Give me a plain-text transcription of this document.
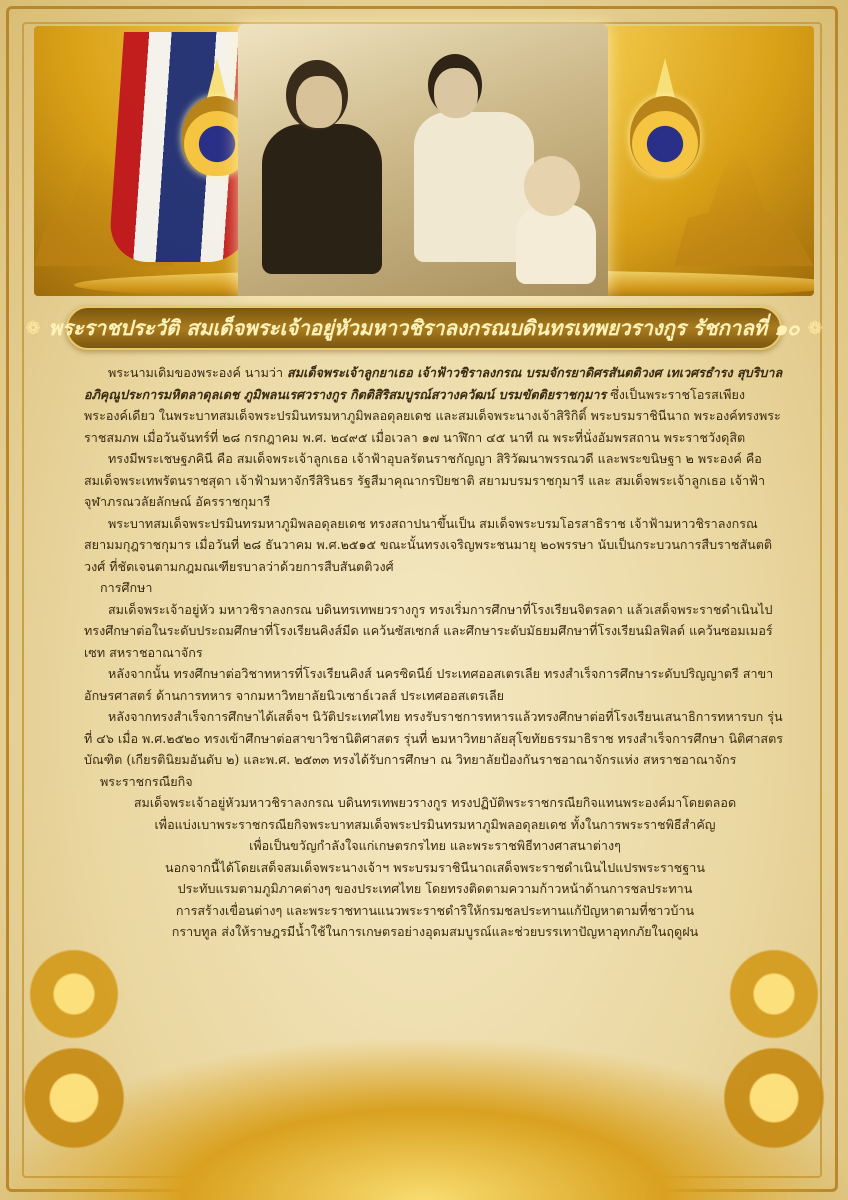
❁ พระราชประวัติ สมเด็จพระเจ้าอยู่หัวมหาวชิราลงกรณบดินทรเทพยวรางกูร รัชกาลที่ ๑๐ ❁

พระนามเดิมของพระองค์ นามว่า สมเด็จพระเจ้าลูกยาเธอ เจ้าฟ้าวชิราลงกรณ บรมจักรยาดิศรสันตติวงศ เทเวศรธำรง สุบริบาล อภิคุณูประการมหิตลาดุลเดช ภูมิพลนเรศวรางกูร กิตติสิริสมบูรณ์สวางควัฒน์ บรมขัตติยราชกุมาร ซึ่งเป็นพระราชโอรสเพียงพระองค์เดียว ในพระบาทสมเด็จพระปรมินทรมหาภูมิพลอดุลยเดช และสมเด็จพระนางเจ้าสิริกิติ์ พระบรมราชินีนาถ พระองค์ทรงพระราชสมภพ เมื่อวันจันทร์ที่ ๒๘ กรกฎาคม พ.ศ. ๒๔๙๕ เมื่อเวลา ๑๗ นาฬิกา ๔๕ นาที ณ พระที่นั่งอัมพรสถาน พระราชวังดุสิต

ทรงมีพระเชษฐภคินี คือ สมเด็จพระเจ้าลูกเธอ เจ้าฟ้าอุบลรัตนราชกัญญา สิริวัฒนาพรรณวดี และพระขนิษฐา ๒ พระองค์ คือ สมเด็จพระเทพรัตนราชสุดา เจ้าฟ้ามหาจักรีสิรินธร รัฐสีมาคุณากรปิยชาติ สยามบรมราชกุมารี และ สมเด็จพระเจ้าลูกเธอ เจ้าฟ้าจุฬาภรณวลัยลักษณ์ อัครราชกุมารี

พระบาทสมเด็จพระปรมินทรมหาภูมิพลอดุลยเดช ทรงสถาปนาขึ้นเป็น สมเด็จพระบรมโอรสาธิราช เจ้าฟ้ามหาวชิราลงกรณ สยามมกุฎราชกุมาร เมื่อวันที่ ๒๘ ธันวาคม พ.ศ.๒๕๑๕ ขณะนั้นทรงเจริญพระชนมายุ ๒๐พรรษา นับเป็นกระบวนการสืบราชสันตติวงศ์ ที่ชัดเจนตามกฎมณเฑียรบาลว่าด้วยการสืบสันตติวงศ์

การศึกษา

สมเด็จพระเจ้าอยู่หัว มหาวชิราลงกรณ บดินทรเทพยวรางกูร ทรงเริ่มการศึกษาที่โรงเรียนจิตรลดา แล้วเสด็จพระราชดำเนินไป ทรงศึกษาต่อในระดับประถมศึกษาที่โรงเรียนคิงส์มีด แคว้นซัสเซกส์ และศึกษาระดับมัธยมศึกษาที่โรงเรียนมิลฟิลด์ แคว้นซอมเมอร์เซท สหราชอาณาจักร

หลังจากนั้น ทรงศึกษาต่อวิชาทหารที่โรงเรียนคิงส์ นครซิดนีย์ ประเทศออสเตรเลีย ทรงสำเร็จการศึกษาระดับปริญญาตรี สาขาอักษรศาสตร์ ด้านการทหาร จากมหาวิทยาลัยนิวเซาธ์เวลส์ ประเทศออสเตรเลีย

หลังจากทรงสำเร็จการศึกษาได้เสด็จฯ นิวัติประเทศไทย ทรงรับราชการทหารแล้วทรงศึกษาต่อที่โรงเรียนเสนาธิการทหารบก รุ่นที่ ๔๖ เมื่อ พ.ศ.๒๕๒๐ ทรงเข้าศึกษาต่อสาขาวิชานิติศาสตร รุ่นที่ ๒มหาวิทยาลัยสุโขทัยธรรมาธิราช ทรงสำเร็จการศึกษา นิติศาสตรบัณฑิต (เกียรตินิยมอันดับ ๒) และพ.ศ. ๒๕๓๓ ทรงได้รับการศึกษา ณ วิทยาลัยป้องกันราชอาณาจักรแห่ง สหราชอาณาจักร

พระราชกรณียกิจ

สมเด็จพระเจ้าอยู่หัวมหาวชิราลงกรณ บดินทรเทพยวรางกูร ทรงปฏิบัติพระราชกรณียกิจแทนพระองค์มาโดยตลอด

เพื่อแบ่งเบาพระราชกรณียกิจพระบาทสมเด็จพระปรมินทรมหาภูมิพลอดุลยเดช ทั้งในการพระราชพิธีสำคัญ

เพื่อเป็นขวัญกำลังใจแก่เกษตรกรไทย และพระราชพิธีทางศาสนาต่างๆ

นอกจากนี้ได้โดยเสด็จสมเด็จพระนางเจ้าฯ พระบรมราชินีนาถเสด็จพระราชดำเนินไปแปรพระราชฐาน

ประทับแรมตามภูมิภาคต่างๆ ของประเทศไทย โดยทรงติดตามความก้าวหน้าด้านการชลประทาน

การสร้างเขื่อนต่างๆ และพระราชทานแนวพระราชดำริให้กรมชลประทานแก้ปัญหาตามที่ชาวบ้าน

กราบทูล ส่งให้ราษฎรมีน้ำใช้ในการเกษตรอย่างอุดมสมบูรณ์และช่วยบรรเทาปัญหาอุทกภัยในฤดูฝน
